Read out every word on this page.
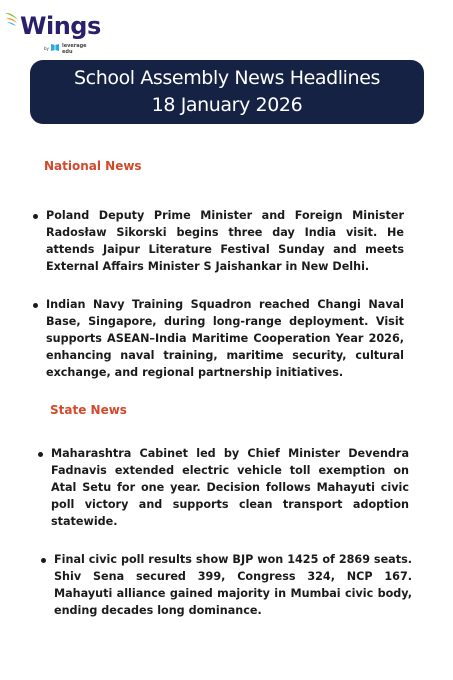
Wings
by	leverage edu
School Assembly News Headlines
18 January 2026
National News
Poland Deputy Prime Minister and Foreign Minister Radosław Sikorski begins three day India visit. He attends Jaipur Literature Festival Sunday and meets External Affairs Minister S Jaishankar in New Delhi.
Indian Navy Training Squadron reached Changi Naval Base, Singapore, during long-range deployment. Visit supports ASEAN–India Maritime Cooperation Year 2026, enhancing naval training, maritime security, cultural exchange, and regional partnership initiatives.
State News
Maharashtra Cabinet led by Chief Minister Devendra Fadnavis extended electric vehicle toll exemption on Atal Setu for one year. Decision follows Mahayuti civic poll victory and supports clean transport adoption statewide.
Final civic poll results show BJP won 1425 of 2869 seats. Shiv Sena secured 399, Congress 324, NCP 167. Mahayuti alliance gained majority in Mumbai civic body, ending decades long dominance.
